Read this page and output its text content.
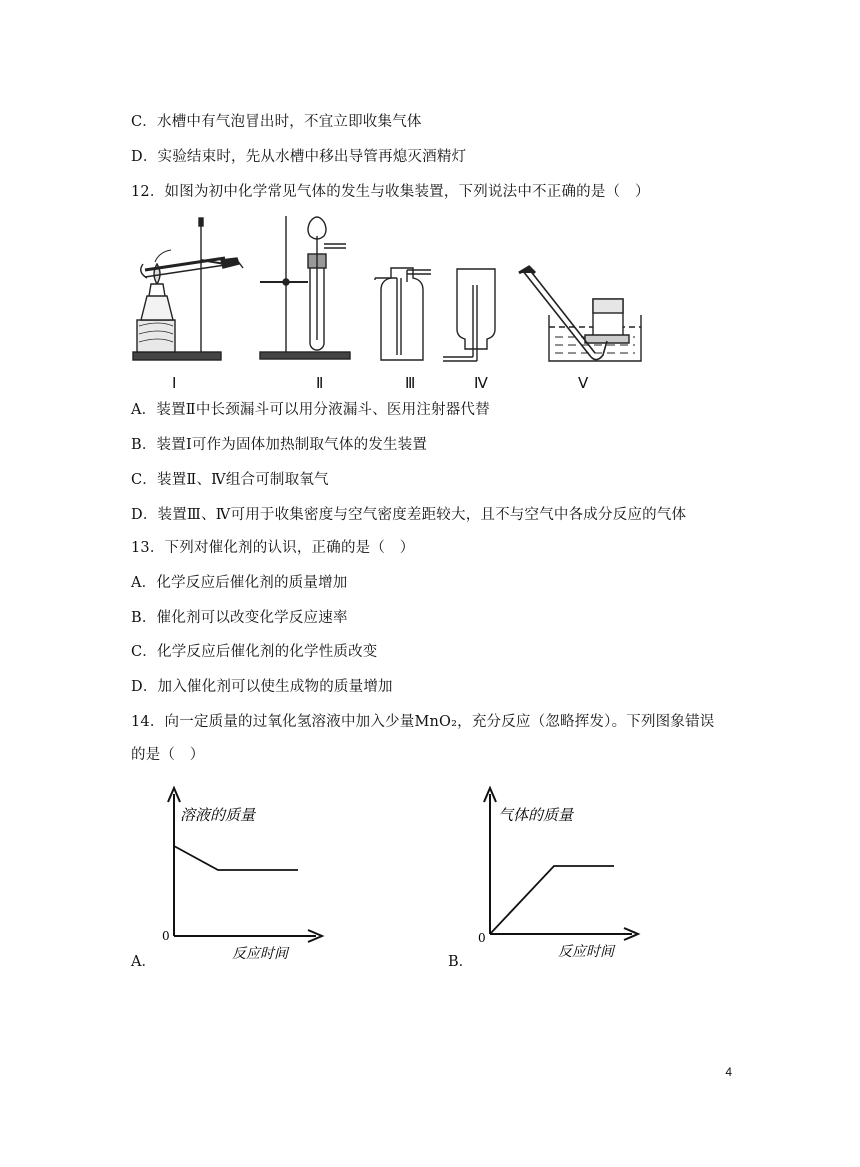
C．水槽中有气泡冒出时，不宜立即收集气体
D．实验结束时，先从水槽中移出导管再熄灭酒精灯
12．如图为初中化学常见气体的发生与收集装置，下列说法中不正确的是（　）
Ⅰ	Ⅱ	Ⅲ	Ⅳ	Ⅴ
A．装置Ⅱ中长颈漏斗可以用分液漏斗、医用注射器代替
B．装置Ⅰ可作为固体加热制取气体的发生装置
C．装置Ⅱ、Ⅳ组合可制取氧气
D．装置Ⅲ、Ⅳ可用于收集密度与空气密度差距较大，且不与空气中各成分反应的气体
13．下列对催化剂的认识，正确的是（　）
A．化学反应后催化剂的质量增加
B．催化剂可以改变化学反应速率
C．化学反应后催化剂的化学性质改变
D．加入催化剂可以使生成物的质量增加
14．向一定质量的过氧化氢溶液中加入少量MnO₂，充分反应（忽略挥发）。下列图象错误
的是（　）
A．
溶液的质量
0
反应时间	B．
气体的质量
0
反应时间
4
